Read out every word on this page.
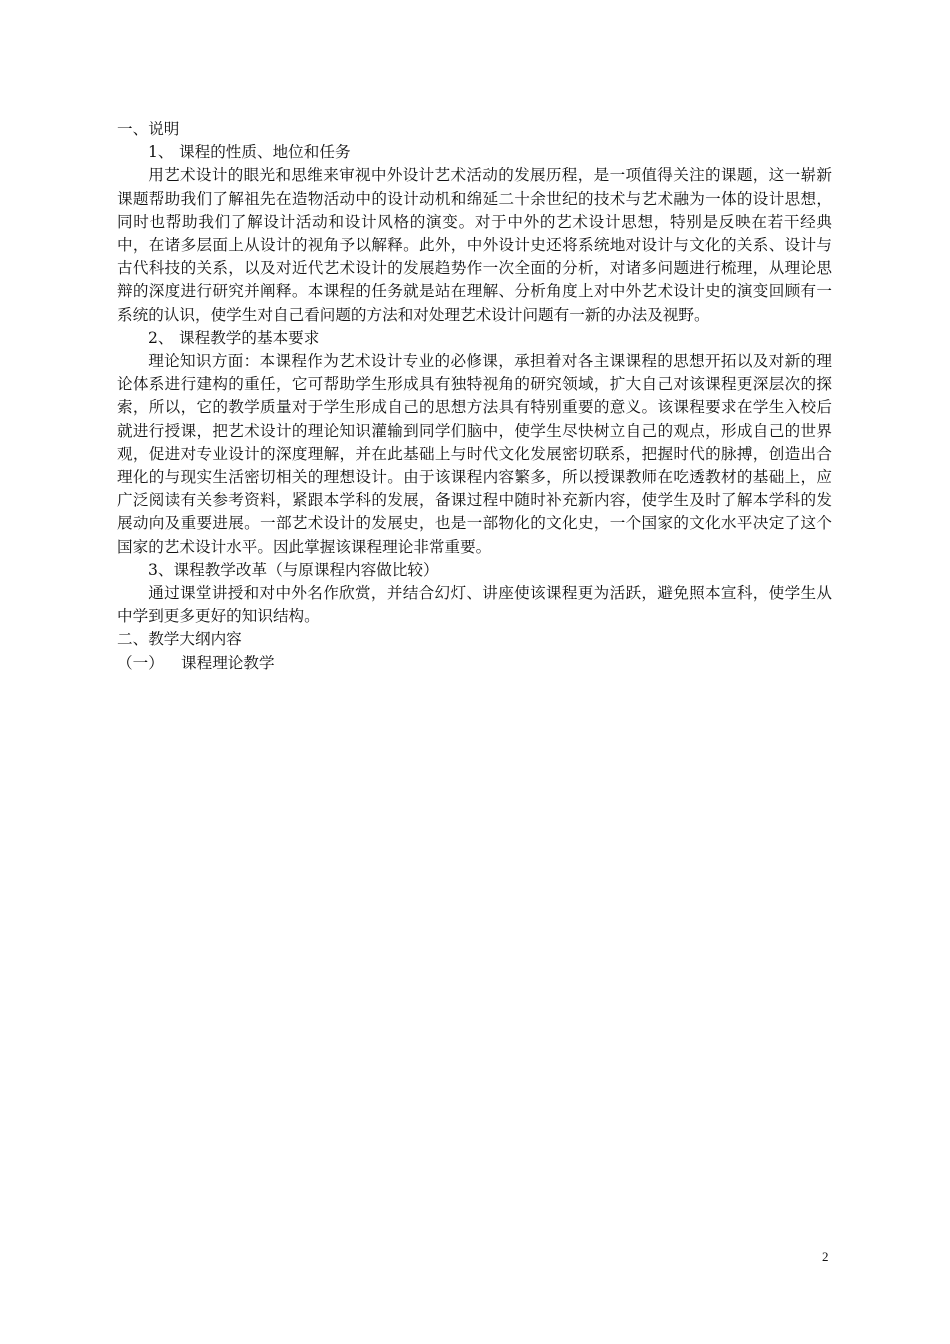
一、说明
1、 课程的性质、地位和任务
用艺术设计的眼光和思维来审视中外设计艺术活动的发展历程，是一项值得关注的课题，这一崭新课题帮助我们了解祖先在造物活动中的设计动机和绵延二十余世纪的技术与艺术融为一体的设计思想，同时也帮助我们了解设计活动和设计风格的演变。对于中外的艺术设计思想，特别是反映在若干经典中，在诸多层面上从设计的视角予以解释。此外，中外设计史还将系统地对设计与文化的关系、设计与古代科技的关系，以及对近代艺术设计的发展趋势作一次全面的分析，对诸多问题进行梳理，从理论思辩的深度进行研究并阐释。本课程的任务就是站在理解、分析角度上对中外艺术设计史的演变回顾有一系统的认识，使学生对自己看问题的方法和对处理艺术设计问题有一新的办法及视野。
2、 课程教学的基本要求
理论知识方面：本课程作为艺术设计专业的必修课，承担着对各主课课程的思想开拓以及对新的理论体系进行建构的重任，它可帮助学生形成具有独特视角的研究领域，扩大自己对该课程更深层次的探索，所以，它的教学质量对于学生形成自己的思想方法具有特别重要的意义。该课程要求在学生入校后就进行授课，把艺术设计的理论知识灌输到同学们脑中，使学生尽快树立自己的观点，形成自己的世界观，促进对专业设计的深度理解，并在此基础上与时代文化发展密切联系，把握时代的脉搏，创造出合理化的与现实生活密切相关的理想设计。由于该课程内容繁多，所以授课教师在吃透教材的基础上，应广泛阅读有关参考资料，紧跟本学科的发展，备课过程中随时补充新内容，使学生及时了解本学科的发展动向及重要进展。一部艺术设计的发展史，也是一部物化的文化史，一个国家的文化水平决定了这个国家的艺术设计水平。因此掌握该课程理论非常重要。
3、课程教学改革（与原课程内容做比较）
通过课堂讲授和对中外名作欣赏，并结合幻灯、讲座使该课程更为活跃，避免照本宣科，使学生从中学到更多更好的知识结构。
二、教学大纲内容
（一） 课程理论教学
2
